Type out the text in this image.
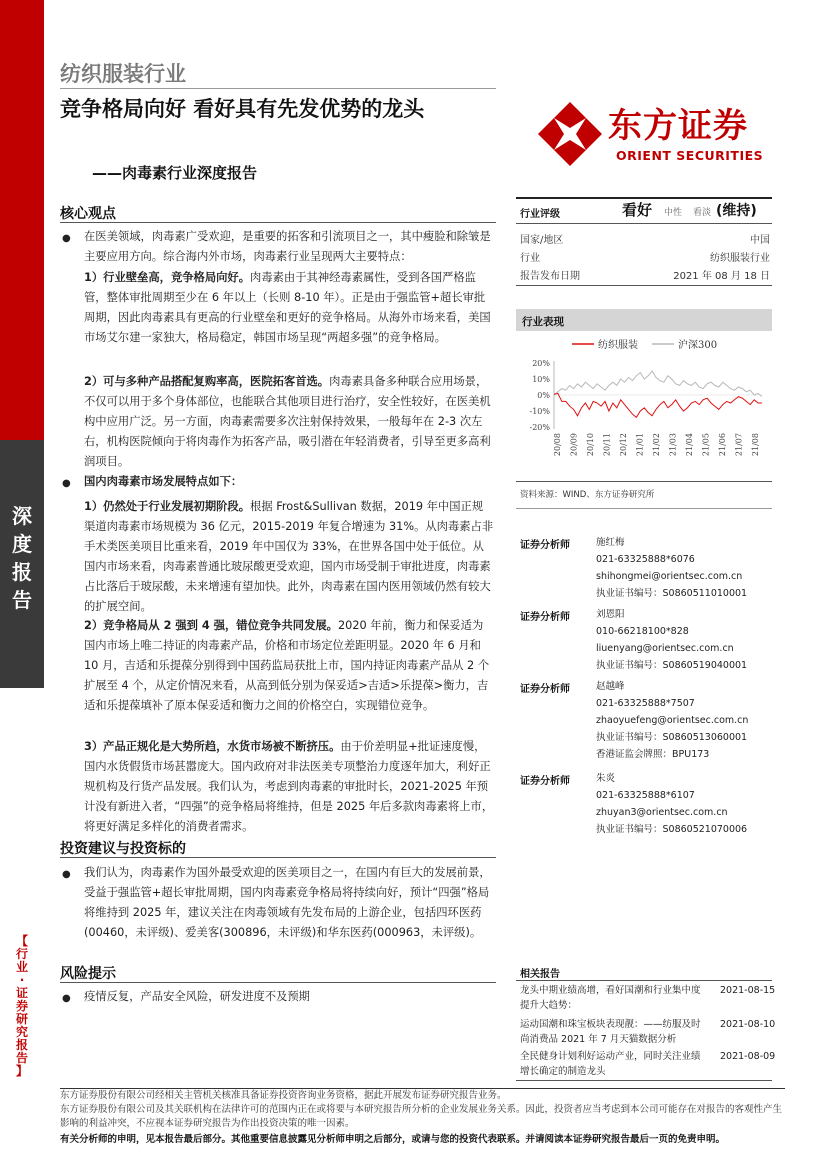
深
度
报
告
【
行
业
·
证
券
研
究
报
告
】
纺织服装行业
竞争格局向好 看好具有先发优势的龙头
——肉毒素行业深度报告
东方证券
ORIENT SECURITIES
核心观点
● 在医美领域，肉毒素广受欢迎，是重要的拓客和引流项目之一，其中瘦脸和除皱是主要应用方向。综合海内外市场，肉毒素行业呈现两大主要特点：
1）行业壁垒高，竞争格局向好。肉毒素由于其神经毒素属性，受到各国严格监管，整体审批周期至少在 6 年以上（长则 8-10 年）。正是由于强监管+超长审批周期，因此肉毒素具有更高的行业壁垒和更好的竞争格局。从海外市场来看，美国市场艾尔建一家独大，格局稳定，韩国市场呈现“两超多强”的竞争格局。
2）可与多种产品搭配复购率高，医院拓客首选。肉毒素具备多种联合应用场景，不仅可以用于多个身体部位，也能联合其他项目进行治疗，安全性较好，在医美机构中应用广泛。另一方面，肉毒素需要多次注射保持效果，一般每年在 2-3 次左右，机构医院倾向于将肉毒作为拓客产品，吸引潜在年轻消费者，引导至更多高利润项目。
● 国内肉毒素市场发展特点如下：
1）仍然处于行业发展初期阶段。根据 Frost&Sullivan 数据，2019 年中国正规渠道肉毒素市场规模为 36 亿元，2015-2019 年复合增速为 31%。从肉毒素占非手术类医美项目比重来看，2019 年中国仅为 33%，在世界各国中处于低位。从国内市场来看，肉毒素普通比玻尿酸更受欢迎，国内市场受制于审批进度，肉毒素占比落后于玻尿酸，未来增速有望加快。此外，肉毒素在国内医用领域仍然有较大的扩展空间。
2）竞争格局从 2 强到 4 强，错位竞争共同发展。2020 年前，衡力和保妥适为国内市场上唯二持证的肉毒素产品，价格和市场定位差距明显。2020 年 6 月和 10 月，吉适和乐提葆分别得到中国药监局获批上市，国内持证肉毒素产品从 2 个扩展至 4 个，从定价情况来看，从高到低分别为保妥适>吉适>乐提葆>衡力，吉适和乐提葆填补了原本保妥适和衡力之间的价格空白，实现错位竞争。
3）产品正规化是大势所趋，水货市场被不断挤压。由于价差明显+批证速度慢，国内水货假货市场甚嚣庞大。国内政府对非法医美专项整治力度逐年加大，利好正规机构及行货产品发展。我们认为，考虑到肉毒素的审批时长，2021-2025 年预计没有新进入者，“四强”的竞争格局将维持，但是 2025 年后多款肉毒素将上市，将更好满足多样化的消费者需求。
投资建议与投资标的
● 我们认为，肉毒素作为国外最受欢迎的医美项目之一，在国内有巨大的发展前景，受益于强监管+超长审批周期，国内肉毒素竞争格局将持续向好，预计“四强”格局将维持到 2025 年，建议关注在肉毒领域有先发布局的上游企业，包括四环医药(00460，未评级)、爱美客(300896，未评级)和华东医药(000963，未评级)。
风险提示
● 疫情反复，产品安全风险，研发进度不及预期
行业评级	看好 中性 看淡 (维持)
国家/地区	中国
行业	纺织服装行业
报告发布日期	2021 年 08 月 18 日
行业表现
纺织服装	沪深300
20%
10%
0%
-10%
-20%
20/08 20/09 20/10 20/11 20/12 21/01 21/02 21/03 21/04 21/05 21/06 21/07 21/08
资料来源：WIND、东方证券研究所
证券分析师	施红梅
021-63325888*6076
shihongmei@orientsec.com.cn
执业证书编号：S0860511010001
证券分析师	刘恩阳
010-66218100*828
liuenyang@orientsec.com.cn
执业证书编号：S0860519040001
证券分析师	赵越峰
021-63325888*7507
zhaoyuefeng@orientsec.com.cn
执业证书编号：S0860513060001
香港证监会牌照：BPU173
证券分析师	朱炎
021-63325888*6107
zhuyan3@orientsec.com.cn
执业证书编号：S0860521070006
相关报告
龙头中期业绩高增，看好国潮和行业集中度提升大趋势：
2021-08-15
运动国潮和珠宝板块表现靓：——纺服及时尚消费品 2021 年 7 月天猫数据分析
2021-08-10
全民健身计划利好运动产业，同时关注业绩增长确定的制造龙头
2021-08-09
东方证券股份有限公司经相关主管机关核准具备证券投资咨询业务资格，据此开展发布证券研究报告业务。
东方证券股份有限公司及其关联机构在法律许可的范围内正在或将要与本研究报告所分析的企业发展业务关系。因此，投资者应当考虑到本公司可能存在对报告的客观性产生影响的利益冲突，不应视本证券研究报告为作出投资决策的唯一因素。
有关分析师的申明，见本报告最后部分。其他重要信息披露见分析师申明之后部分，或请与您的投资代表联系。并请阅读本证券研究报告最后一页的免责申明。
